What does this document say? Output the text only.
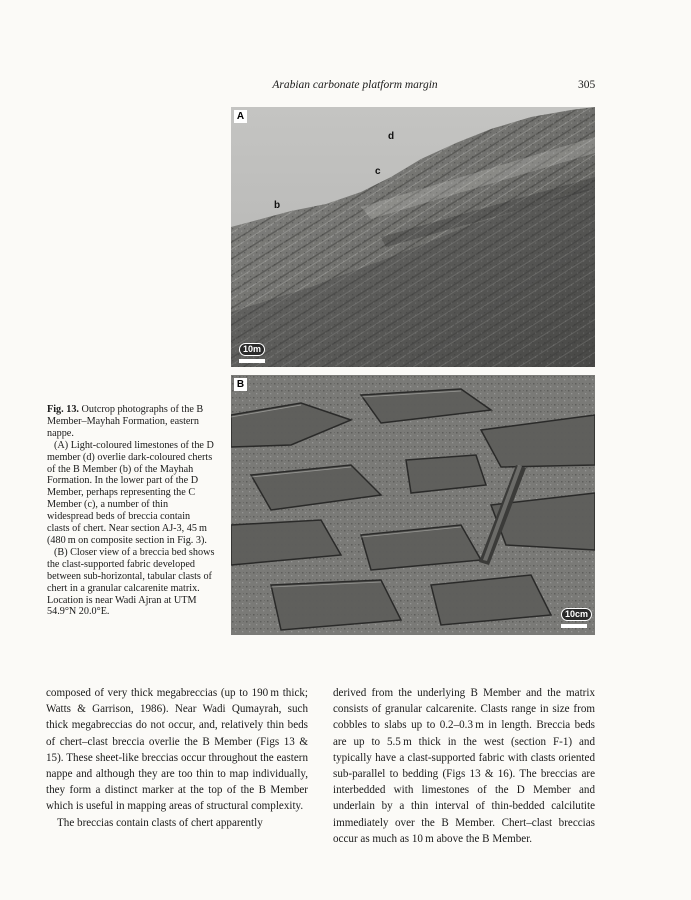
Arabian carbonate platform margin	305
A
d
c
b
10m
B
10cm

Fig. 13. Outcrop photographs of the B Member–Mayhah Formation, eastern nappe.

(A) Light-coloured limestones of the D member (d) overlie dark-coloured cherts of the B Member (b) of the Mayhah Formation. In the lower part of the D Member, perhaps representing the C Member (c), a number of thin widespread beds of breccia contain clasts of chert. Near section AJ-3, 45 m (480 m on composite section in Fig. 3).

(B) Closer view of a breccia bed shows the clast-supported fabric developed between sub-horizontal, tabular clasts of chert in a granular calcarenite matrix. Location is near Wadi Ajran at UTM 54.9°N 20.0°E.

composed of very thick megabreccias (up to 190 m thick; Watts & Garrison, 1986). Near Wadi Qumayrah, such thick megabreccias do not occur, and, relatively thin beds of chert–clast breccia overlie the B Member (Figs 13 & 15). These sheet-like breccias occur throughout the eastern nappe and although they are too thin to map individually, they form a distinct marker at the top of the B Member which is useful in mapping areas of structural complexity.

The breccias contain clasts of chert apparently

derived from the underlying B Member and the matrix consists of granular calcarenite. Clasts range in size from cobbles to slabs up to 0.2–0.3 m in length. Breccia beds are up to 5.5 m thick in the west (section F-1) and typically have a clast-supported fabric with clasts oriented sub-parallel to bedding (Figs 13 & 16). The breccias are interbedded with limestones of the D Member and underlain by a thin interval of thin-bedded calcilutite immediately over the B Member. Chert–clast breccias occur as much as 10 m above the B Member.
